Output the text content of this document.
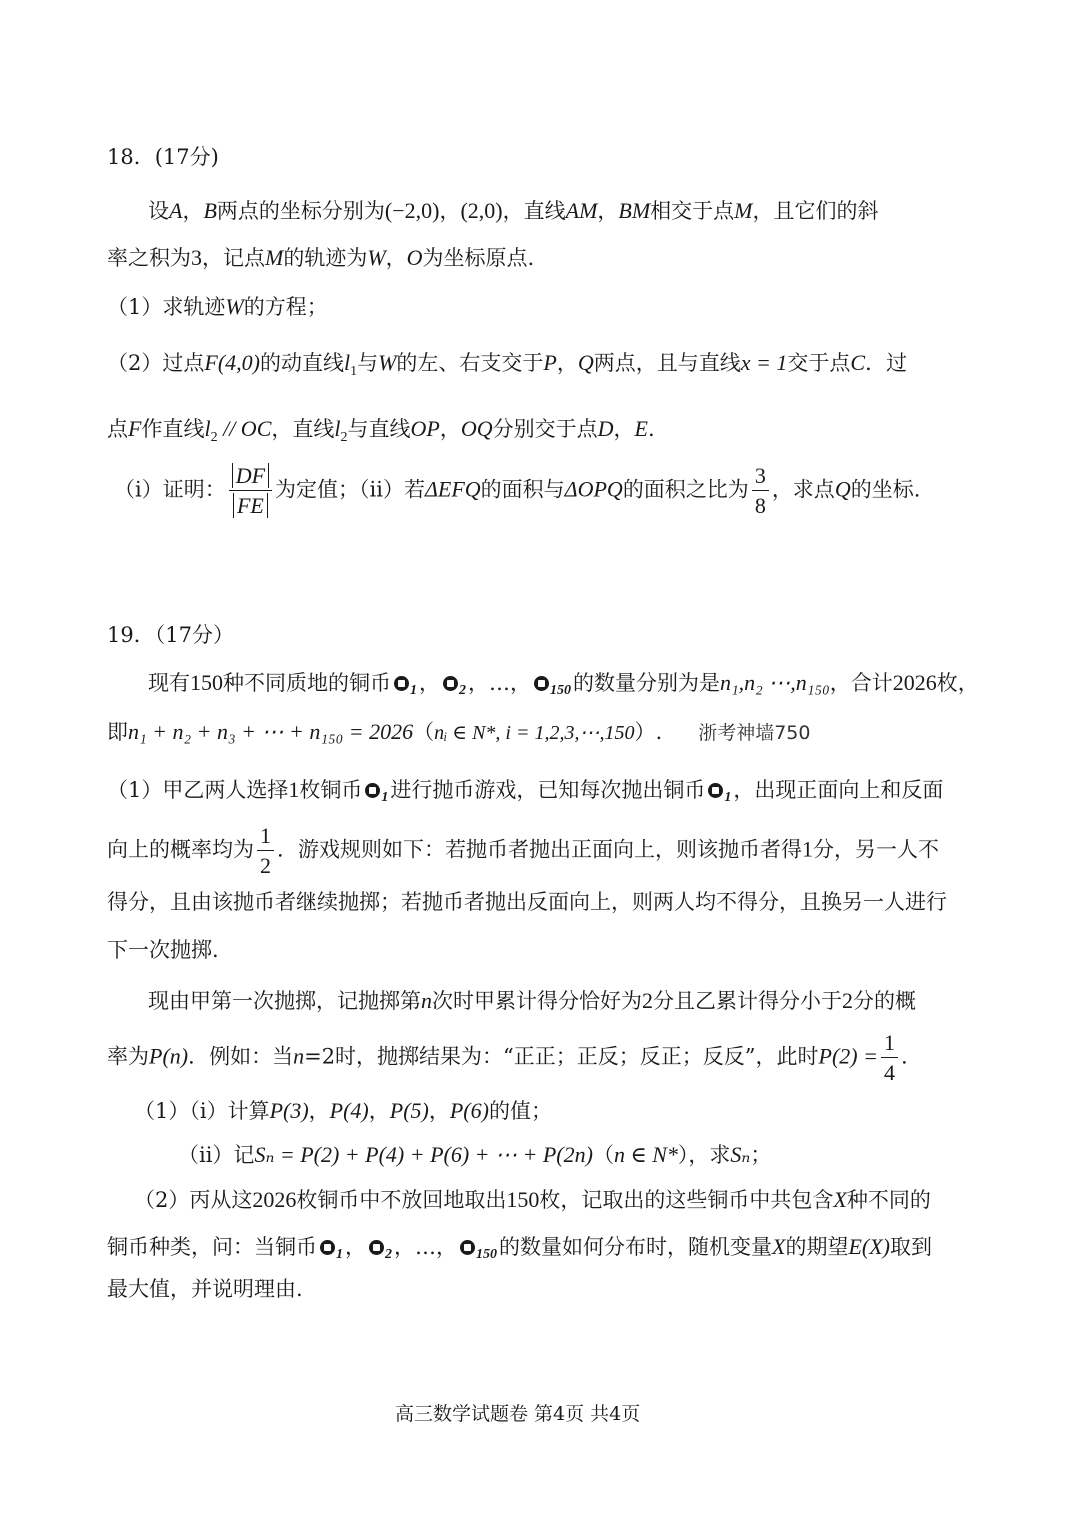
18．(17分)
设A，B两点的坐标分别为(−2,0)，(2,0)，直线AM，BM相交于点M，且它们的斜
率之积为3，记点M的轨迹为W，O为坐标原点.
（1）求轨迹W的方程；
（2）过点F(4,0)的动直线$l_1$与W的左、右支交于P，Q两点，且与直线x = 1交于点C．过
点F作直线$l_2$ // OC，直线$l_2$与直线OP，OQ分别交于点D，E.
（i）证明： $\frac{DF}{FE}$ 为定值；（ii）若ΔEFQ的面积与ΔOPQ的面积之比为 $\frac{3}{8}$ ，求点Q的坐标.
19．（17分）
现有150种不同质地的铜币 1， 2，…， 150的数量分别为是n₁,n₂ ⋯,n₁₅₀，合计2026枚，
即n₁ + n₂ + n₃ + ⋯ + n₁₅₀ = 2026（nᵢ ∈ N*, i = 1,2,3,⋯,150）. 浙考神墙750
（1）甲乙两人选择1枚铜币 1进行抛币游戏，已知每次抛出铜币 1，出现正面向上和反面
向上的概率均为 $\frac{1}{2}$ ．游戏规则如下：若抛币者抛出正面向上，则该抛币者得1分，另一人不
得分，且由该抛币者继续抛掷；若抛币者抛出反面向上，则两人均不得分，且换另一人进行
下一次抛掷.
现由甲第一次抛掷，记抛掷第n次时甲累计得分恰好为2分且乙累计得分小于2分的概
率为P(n)．例如：当n=2时，抛掷结果为：“正正；正反；反正；反反”，此时$P(2) = \frac{1}{4}$ .
（1）（i）计算P(3)，P(4)，P(5)，P(6)的值；
（ii）记Sₙ = P(2) + P(4) + P(6) + ⋯ + P(2n)（n ∈ N*），求Sₙ；
（2）丙从这2026枚铜币中不放回地取出150枚，记取出的这些铜币中共包含X种不同的
铜币种类，问：当铜币 1， 2，…， 150的数量如何分布时，随机变量X的期望E(X)取到
最大值，并说明理由.
高三数学试题卷 第4页 共4页
